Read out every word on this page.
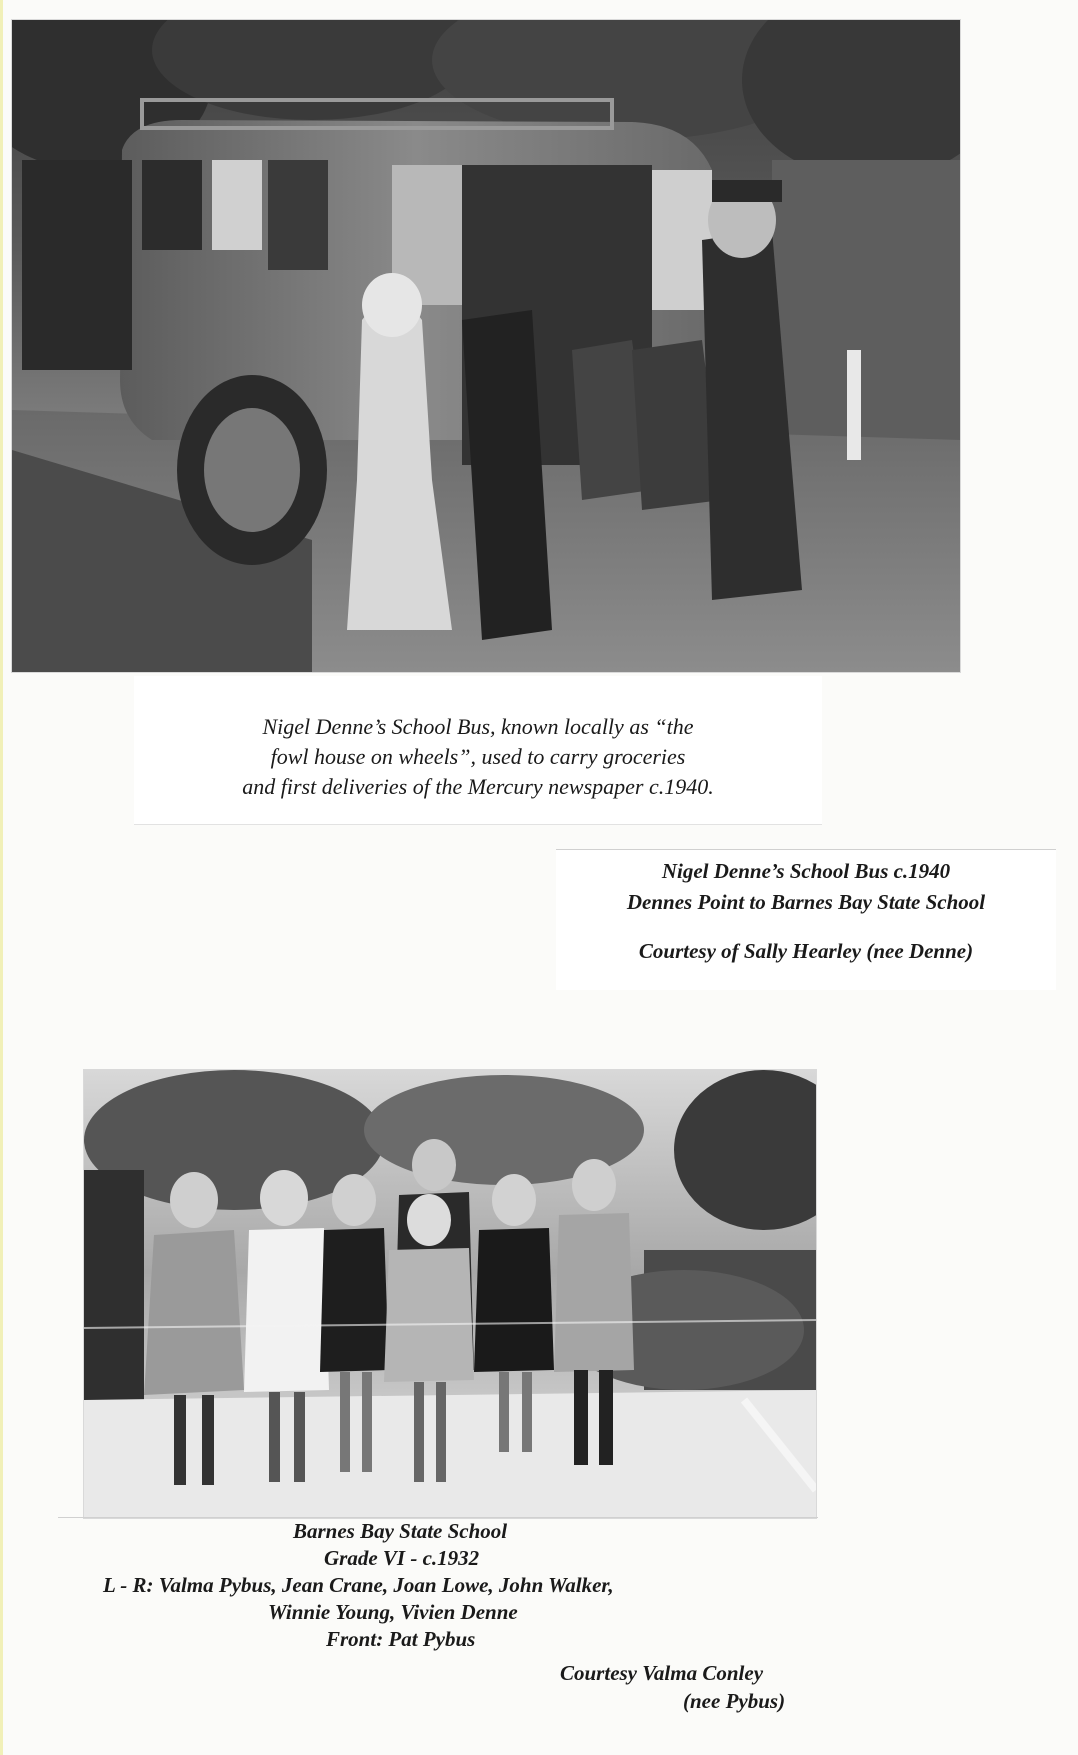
Nigel Denne’s School Bus, known locally as “the
fowl house on wheels”, used to carry groceries
and first deliveries of the Mercury newspaper c.1940.
Nigel Denne’s School Bus c.1940
Dennes Point to Barnes Bay State School
Courtesy of Sally Hearley (nee Denne)
Barnes Bay State School
Grade VI - c.1932
L - R: Valma Pybus, Jean Crane, Joan Lowe, John Walker,
Winnie Young, Vivien Denne
Front: Pat Pybus
Courtesy Valma Conley
(nee Pybus)
